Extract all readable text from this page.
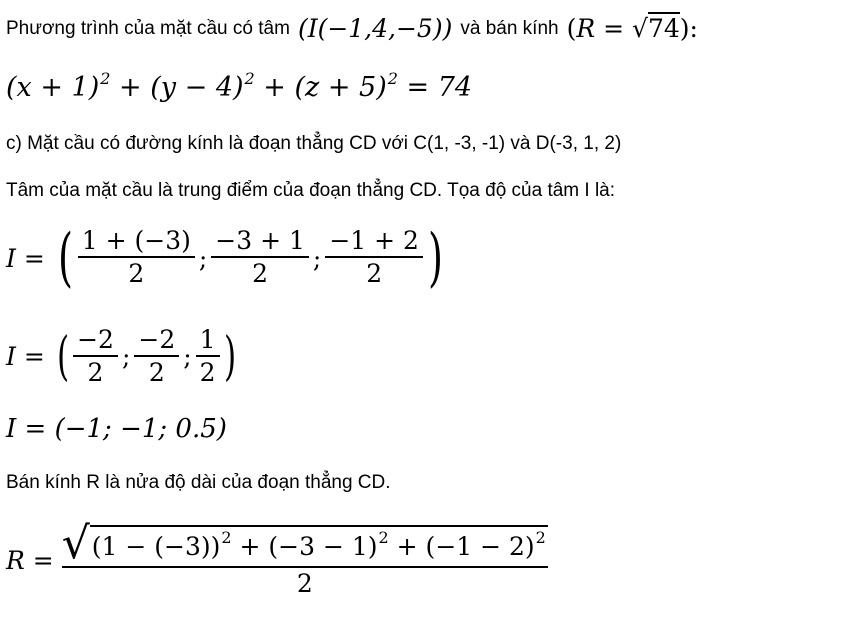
Phương trình của mặt cầu có tâm (I(−1,4,−5)) và bán kính (R = √74):
$(x + 1)^2 + (y - 4)^2 + (z + 5)^2 = 74$
c) Mặt cầu có đường kính là đoạn thẳng CD với C(1, -3, -1) và D(-3, 1, 2)
Tâm của mặt cầu là trung điểm của đoạn thẳng CD. Tọa độ của tâm I là:
I = ( $\frac{1 + (-3)}{2}$ ; $\frac{-3 + 1}{2}$ ; $\frac{-1 + 2}{2}$ )
I = ( $\frac{-2}{2}$ ; $\frac{-2}{2}$ ; $\frac{1}{2}$ )
I = (−1; −1; 0.5)
Bán kính R là nửa độ dài của đoạn thẳng CD.
$R = \frac{√ (1 - (-3))^2 + (-3 - 1)^2 + (-1 - 2)^2}{2}$
